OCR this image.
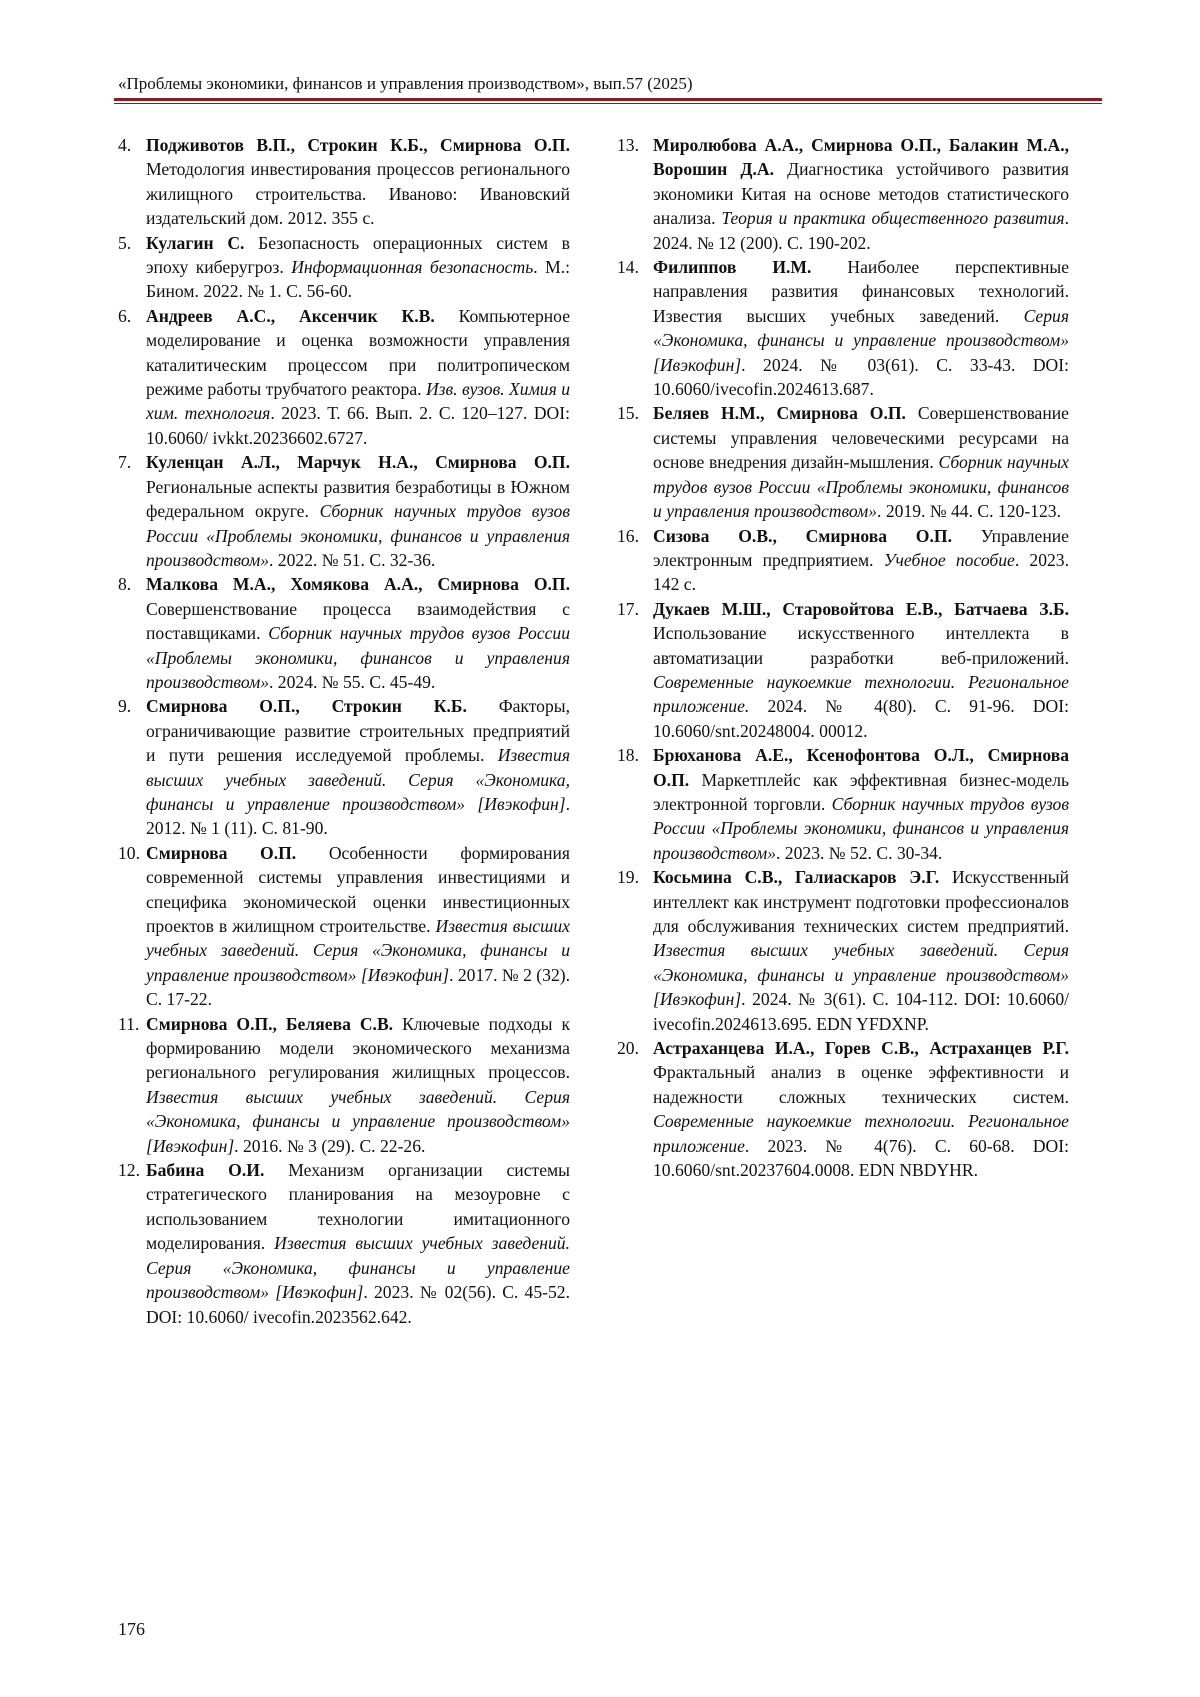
«Проблемы экономики, финансов и управления производством», вып.57 (2025)
4. Подживотов В.П., Строкин К.Б., Смирнова О.П. Методология инвестирования процессов регионального жилищного строительства. Иваново: Ивановский издательский дом. 2012. 355 с.
5. Кулагин С. Безопасность операционных систем в эпоху киберугроз. Информационная безопасность. М.: Бином. 2022. № 1. С. 56-60.
6. Андреев А.С., Аксенчик К.В. Компьютерное моделирование и оценка возможности управления каталитическим процессом при политропическом режиме работы трубчатого реактора. Изв. вузов. Химия и хим. технология. 2023. Т. 66. Вып. 2. С. 120–127. DOI: 10.6060/ ivkkt.20236602.6727.
7. Куленцан А.Л., Марчук Н.А., Смирнова О.П. Региональные аспекты развития безработицы в Южном федеральном округе. Сборник научных трудов вузов России «Проблемы экономики, финансов и управления производством». 2022. № 51. С. 32-36.
8. Малкова М.А., Хомякова А.А., Смирнова О.П. Совершенствование процесса взаимодействия с поставщиками. Сборник научных трудов вузов России «Проблемы экономики, финансов и управления производством». 2024. № 55. С. 45-49.
9. Смирнова О.П., Строкин К.Б. Факторы, ограничивающие развитие строительных предприятий и пути решения исследуемой проблемы. Известия высших учебных заведений. Серия «Экономика, финансы и управление производством» [Ивэкофин]. 2012. № 1 (11). С. 81-90.
10. Смирнова О.П. Особенности формирования современной системы управления инвестициями и специфика экономической оценки инвестиционных проектов в жилищном строительстве. Известия высших учебных заведений. Серия «Экономика, финансы и управление производством» [Ивэкофин]. 2017. № 2 (32). С. 17-22.
11. Смирнова О.П., Беляева С.В. Ключевые подходы к формированию модели экономического механизма регионального регулирования жилищных процессов. Известия высших учебных заведений. Серия «Экономика, финансы и управление производством» [Ивэкофин]. 2016. № 3 (29). С. 22-26.
12. Бабина О.И. Механизм организации системы стратегического планирования на мезоуровне с использованием технологии имитационного моделирования. Известия высших учебных заведений. Серия «Экономика, финансы и управление производством» [Ивэкофин]. 2023. № 02(56). С. 45-52. DOI: 10.6060/ ivecofin.2023562.642.
13. Миролюбова А.А., Смирнова О.П., Балакин М.А., Ворошин Д.А. Диагностика устойчивого развития экономики Китая на основе методов статистического анализа. Теория и практика общественного развития. 2024. № 12 (200). С. 190-202.
14. Филиппов И.М. Наиболее перспективные направления развития финансовых технологий. Известия высших учебных заведений. Серия «Экономика, финансы и управление производством» [Ивэкофин]. 2024. № 03(61). С. 33-43. DOI: 10.6060/ivecofin.2024613.687.
15. Беляев Н.М., Смирнова О.П. Совершенствование системы управления человеческими ресурсами на основе внедрения дизайн-мышления. Сборник научных трудов вузов России «Проблемы экономики, финансов и управления производством». 2019. № 44. С. 120-123.
16. Сизова О.В., Смирнова О.П. Управление электронным предприятием. Учебное пособие. 2023. 142 с.
17. Дукаев М.Ш., Старовойтова Е.В., Батчаева З.Б. Использование искусственного интеллекта в автоматизации разработки веб-приложений. Современные наукоемкие технологии. Региональное приложение. 2024. № 4(80). С. 91-96. DOI: 10.6060/snt.20248004. 00012.
18. Брюханова А.Е., Ксенофонтова О.Л., Смирнова О.П. Маркетплейс как эффективная бизнес-модель электронной торговли. Сборник научных трудов вузов России «Проблемы экономики, финансов и управления производством». 2023. № 52. С. 30-34.
19. Косьмина С.В., Галиаскаров Э.Г. Искусственный интеллект как инструмент подготовки профессионалов для обслуживания технических систем предприятий. Известия высших учебных заведений. Серия «Экономика, финансы и управление производством» [Ивэкофин]. 2024. № 3(61). С. 104-112. DOI: 10.6060/ ivecofin.2024613.695. EDN YFDXNP.
20. Астраханцева И.А., Горев С.В., Астраханцев Р.Г. Фрактальный анализ в оценке эффективности и надежности сложных технических систем. Современные наукоемкие технологии. Региональное приложение. 2023. № 4(76). С. 60-68. DOI: 10.6060/snt.20237604.0008. EDN NBDYHR.
176
